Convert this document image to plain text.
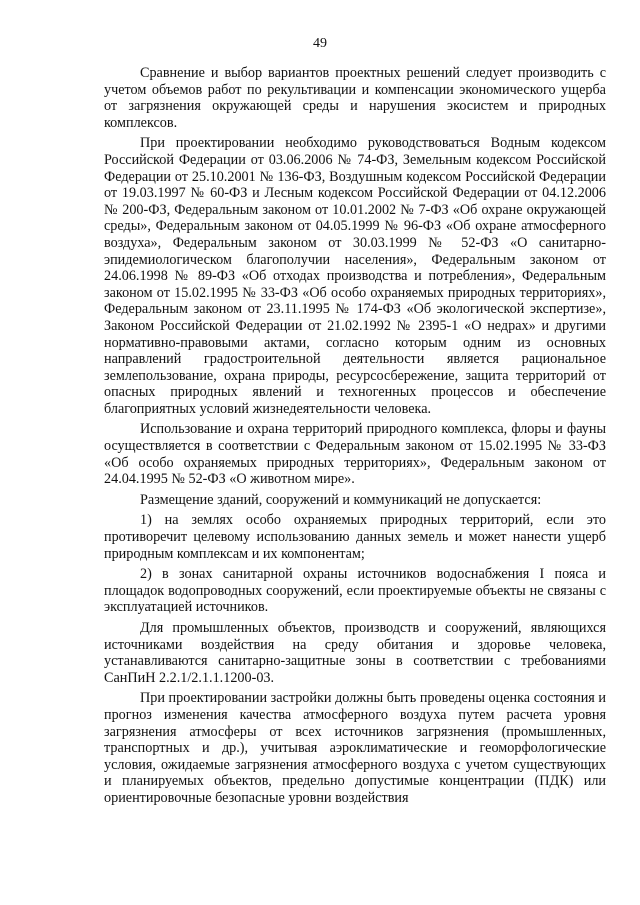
49

Сравнение и выбор вариантов проектных решений следует производить с учетом объемов работ по рекультивации и компенсации экономического ущерба от загрязнения окружающей среды и нарушения экосистем и природных комплексов.

При проектировании необходимо руководствоваться Водным кодексом Российской Федерации от 03.06.2006 № 74-ФЗ, Земельным кодексом Российской Федерации от 25.10.2001 № 136-ФЗ, Воздушным кодексом Российской Федерации от 19.03.1997 № 60-ФЗ и Лесным кодексом Российской Федерации от 04.12.2006 № 200-ФЗ, Федеральным законом от 10.01.2002 № 7-ФЗ «Об охране окружающей среды», Федеральным законом от 04.05.1999 № 96-ФЗ «Об охране атмосферного воздуха», Федеральным законом от 30.03.1999 № 52-ФЗ «О санитарно-эпидемиологическом благополучии населения», Федеральным законом от 24.06.1998 № 89-ФЗ «Об отходах производства и потребления», Федеральным законом от 15.02.1995 № 33-ФЗ «Об особо охраняемых природных территориях», Федеральным законом от 23.11.1995 № 174-ФЗ «Об экологической экспертизе», Законом Российской Федерации от 21.02.1992 № 2395-1 «О недрах» и другими нормативно-правовыми актами, согласно которым одним из основных направлений градостроительной деятельности является рациональное землепользование, охрана природы, ресурсосбережение, защита территорий от опасных природных явлений и техногенных процессов и обеспечение благоприятных условий жизнедеятельности человека.

Использование и охрана территорий природного комплекса, флоры и фауны осуществляется в соответствии с Федеральным законом от 15.02.1995 № 33-ФЗ «Об особо охраняемых природных территориях», Федеральным законом от 24.04.1995 № 52-ФЗ «О животном мире».

Размещение зданий, сооружений и коммуникаций не допускается:

1) на землях особо охраняемых природных территорий, если это противоречит целевому использованию данных земель и может нанести ущерб природным комплексам и их компонентам;

2) в зонах санитарной охраны источников водоснабжения I пояса и площадок водопроводных сооружений, если проектируемые объекты не связаны с эксплуатацией источников.

Для промышленных объектов, производств и сооружений, являющихся источниками воздействия на среду обитания и здоровье человека, устанавливаются санитарно-защитные зоны в соответствии с требованиями СанПиН 2.2.1/2.1.1.1200-03.

При проектировании застройки должны быть проведены оценка состояния и прогноз изменения качества атмосферного воздуха путем расчета уровня загрязнения атмосферы от всех источников загрязнения (промышленных, транспортных и др.), учитывая аэроклиматические и геоморфологические условия, ожидаемые загрязнения атмосферного воздуха с учетом существующих и планируемых объектов, предельно допустимые концентрации (ПДК) или ориентировочные безопасные уровни воздействия
